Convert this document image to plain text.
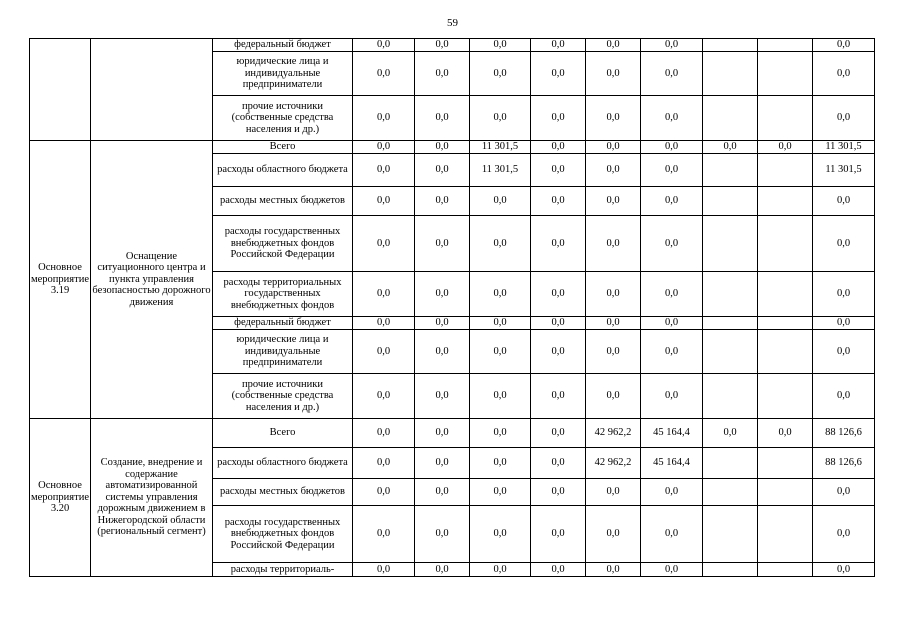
59
		федеральный бюджет	0,0	0,0	0,0	0,0	0,0	0,0			0,0
		юридические лица и индивидуальные предприниматели	0,0	0,0	0,0	0,0	0,0	0,0			0,0
		прочие источники (собственные средства населения и др.)	0,0	0,0	0,0	0,0	0,0	0,0			0,0
Основное мероприятие 3.19	Оснащение ситуационного центра и пункта управления безопасностью дорожного движения	Всего	0,0	0,0	11 301,5	0,0	0,0	0,0	0,0	0,0	11 301,5
		расходы областного бюджета	0,0	0,0	11 301,5	0,0	0,0	0,0			11 301,5
		расходы местных бюджетов	0,0	0,0	0,0	0,0	0,0	0,0			0,0
		расходы государственных внебюджетных фондов Российской Федерации	0,0	0,0	0,0	0,0	0,0	0,0			0,0
		расходы территориальных государственных внебюджетных фондов	0,0	0,0	0,0	0,0	0,0	0,0			0,0
		федеральный бюджет	0,0	0,0	0,0	0,0	0,0	0,0			0,0
		юридические лица и индивидуальные предприниматели	0,0	0,0	0,0	0,0	0,0	0,0			0,0
		прочие источники (собственные средства населения и др.)	0,0	0,0	0,0	0,0	0,0	0,0			0,0
Основное мероприятие 3.20	Создание, внедрение и содержание автоматизированной системы управления дорожным движением в Нижегородской области (региональный сегмент)	Всего	0,0	0,0	0,0	0,0	42 962,2	45 164,4	0,0	0,0	88 126,6
		расходы областного бюджета	0,0	0,0	0,0	0,0	42 962,2	45 164,4			88 126,6
		расходы местных бюджетов	0,0	0,0	0,0	0,0	0,0	0,0			0,0
		расходы государственных внебюджетных фондов Российской Федерации	0,0	0,0	0,0	0,0	0,0	0,0			0,0
		расходы территориаль-	0,0	0,0	0,0	0,0	0,0	0,0			0,0
